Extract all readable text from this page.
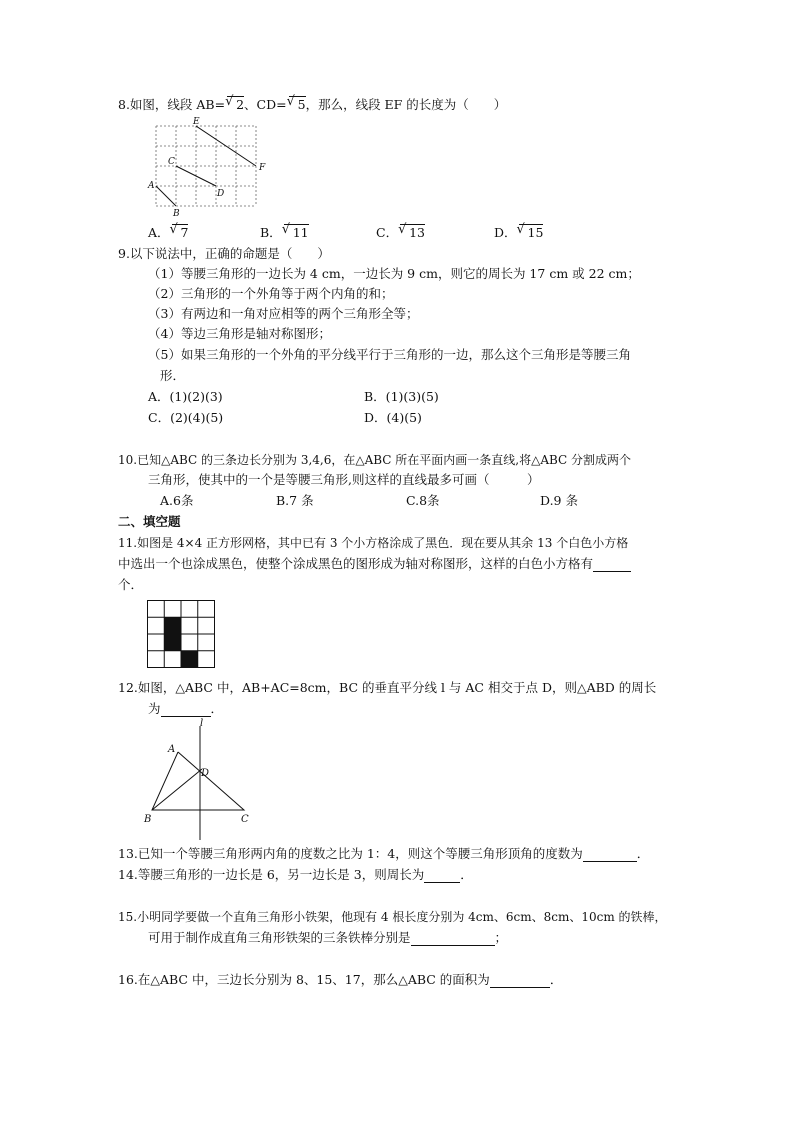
8.如图，线段 AB= √ 2、CD= √ 5，那么，线段 EF 的长度为（　　）
A
B
C
D
E
F
A． √ 7	B． √ 11	C． √ 13	D． √ 15
9.以下说法中，正确的命题是（　　）
（1）等腰三角形的一边长为 4 cm，一边长为 9 cm，则它的周长为 17 cm 或 22 cm；
（2）三角形的一个外角等于两个内角的和；
（3）有两边和一角对应相等的两个三角形全等；
（4）等边三角形是轴对称图形；
（5）如果三角形的一个外角的平分线平行于三角形的一边，那么这个三角形是等腰三角
形．
A．(1)(2)(3)	B．(1)(3)(5)
C．(2)(4)(5)	D．(4)(5)
10.已知△ABC 的三条边长分别为 3,4,6，在△ABC 所在平面内画一条直线,将△ABC 分割成两个
三角形，使其中的一个是等腰三角形,则这样的直线最多可画（　　　）
A.6条	B.7 条	C.8条	D.9 条
二、填空题
11.如图是 4×4 正方形网格，其中已有 3 个小方格涂成了黑色．现在要从其余 13 个白色小方格
中选出一个也涂成黑色，使整个涂成黑色的图形成为轴对称图形，这样的白色小方格有
个．
12.如图，△ABC 中，AB+AC=8cm，BC 的垂直平分线 l 与 AC 相交于点 D，则△ABD 的周长
为	．
l
A
B	C
D
13.已知一个等腰三角形两内角的度数之比为 1：4，则这个等腰三角形顶角的度数为	．
14.等腰三角形的一边长是 6，另一边长是 3，则周长为	．
15.小明同学要做一个直角三角形小铁架，他现有 4 根长度分别为 4cm、6cm、8cm、10cm 的铁棒，
可用于制作成直角三角形铁架的三条铁棒分别是	；
16.在△ABC 中，三边长分别为 8、15、17，那么△ABC 的面积为	．
